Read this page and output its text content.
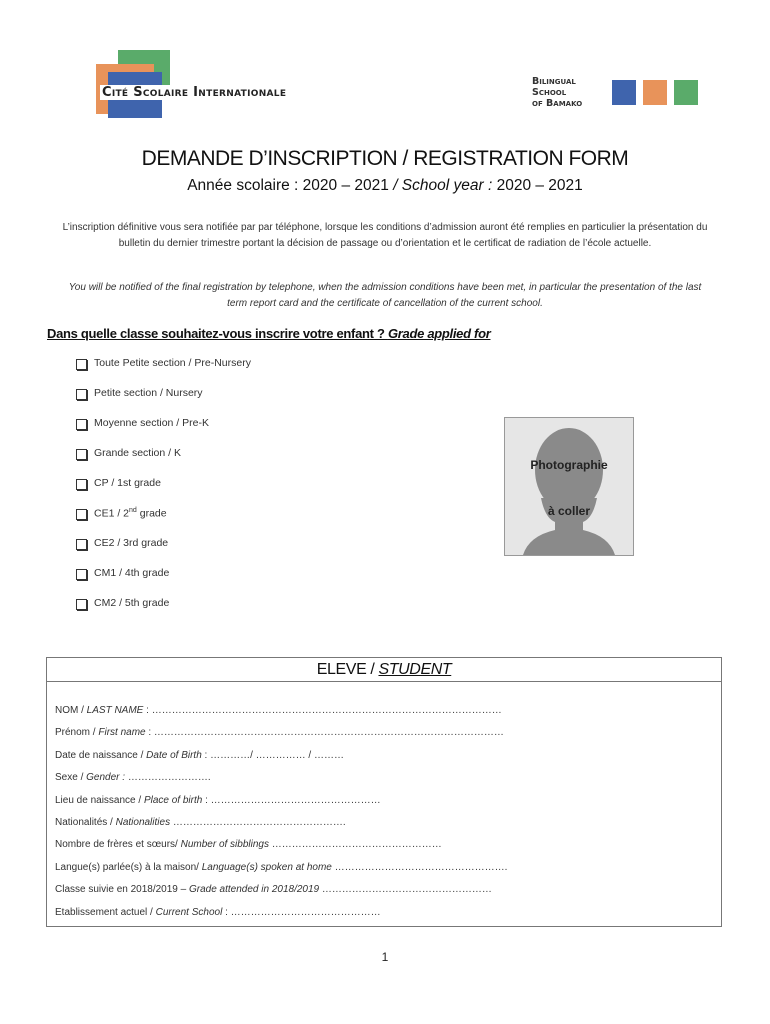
Cité Scolaire Internationale
Bilingual
School
of Bamako
DEMANDE D’INSCRIPTION / REGISTRATION FORM
Année scolaire : 2020 – 2021 / School year : 2020 – 2021
L’inscription définitive vous sera notifiée par par téléphone, lorsque les conditions d’admission auront été remplies en particulier la présentation du bulletin du dernier trimestre portant la décision de passage ou d’orientation et le certificat de radiation de l’école actuelle.
You will be notified of the final registration by telephone, when the admission conditions have been met, in particular the presentation of the last term report card and the certificate of cancellation of the current school.
Dans quelle classe souhaitez-vous inscrire votre enfant ? Grade applied for
Toute Petite section / Pre-Nursery
Petite section / Nursery
Moyenne section / Pre-K
Grande section / K
CP / 1st grade
CE1 / 2nd grade
CE2 / 3rd grade
CM1 / 4th grade
CM2 / 5th grade
Photographie
à coller
ELEVE / STUDENT
NOM / LAST NAME : ……………………………………………………………………………………………
Prénom / First name : ……………………………………………………………………………………………
Date de naissance / Date of Birth : …………/ …………… / ………
Sexe / Gender : …………………….
Lieu de naissance / Place of birth : ……………………………………………
Nationalités / Nationalities …………………………………………….
Nombre de frères et sœurs/ Number of sibblings ……………………………………………
Langue(s) parlée(s) à la maison/ Language(s) spoken at home …………………………………………….
Classe suivie en 2018/2019 – Grade attended in 2018/2019 ……………………………………………
Etablissement actuel / Current School : ………………………………………
1
